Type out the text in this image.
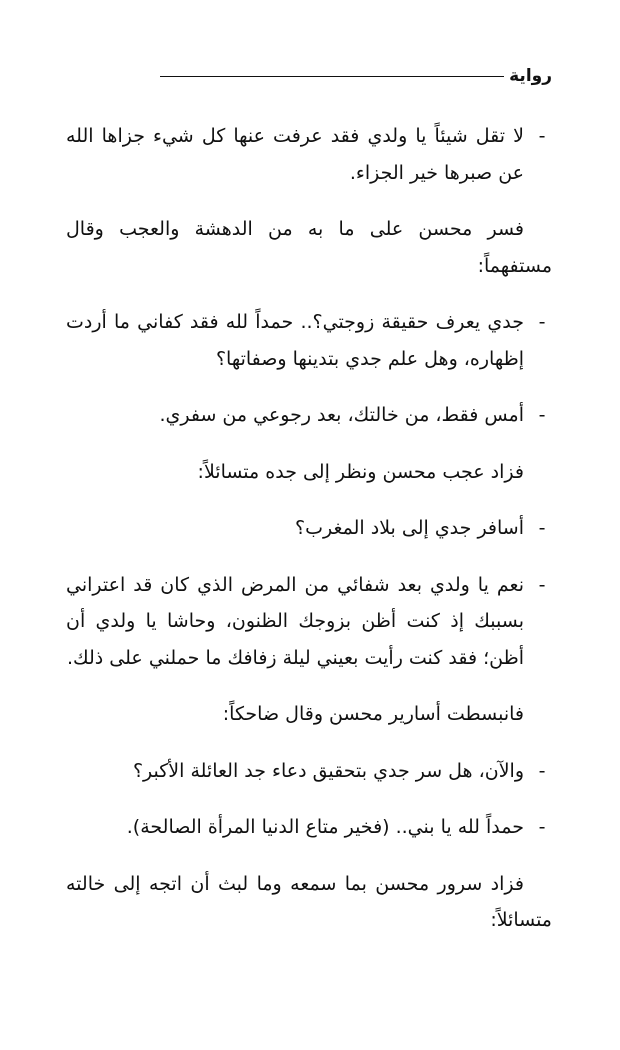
رواية

-
لا تقل شيئاً يا ولدي فقد عرفت عنها كل شيء جزاها الله عن صبرها خير الجزاء.

فسر محسن على ما به من الدهشة والعجب وقال مستفهماً:

-
جدي يعرف حقيقة زوجتي؟.. حمداً لله فقد كفاني ما أردت إظهاره، وهل علم جدي بتدينها وصفاتها؟

-
أمس فقط، من خالتك، بعد رجوعي من سفري.

فزاد عجب محسن ونظر إلى جده متسائلاً:

-
أسافر جدي إلى بلاد المغرب؟

-
نعم يا ولدي بعد شفائي من المرض الذي كان قد اعتراني بسببك إذ كنت أظن بزوجك الظنون، وحاشا يا ولدي أن أظن؛ فقد كنت رأيت بعيني ليلة زفافك ما حملني على ذلك.

فانبسطت أسارير محسن وقال ضاحكاً:

-
والآن، هل سر جدي بتحقيق دعاء جد العائلة الأكبر؟

-
حمداً لله يا بني.. (فخير متاع الدنيا المرأة الصالحة).

فزاد سرور محسن بما سمعه وما لبث أن اتجه إلى خالته متسائلاً:
